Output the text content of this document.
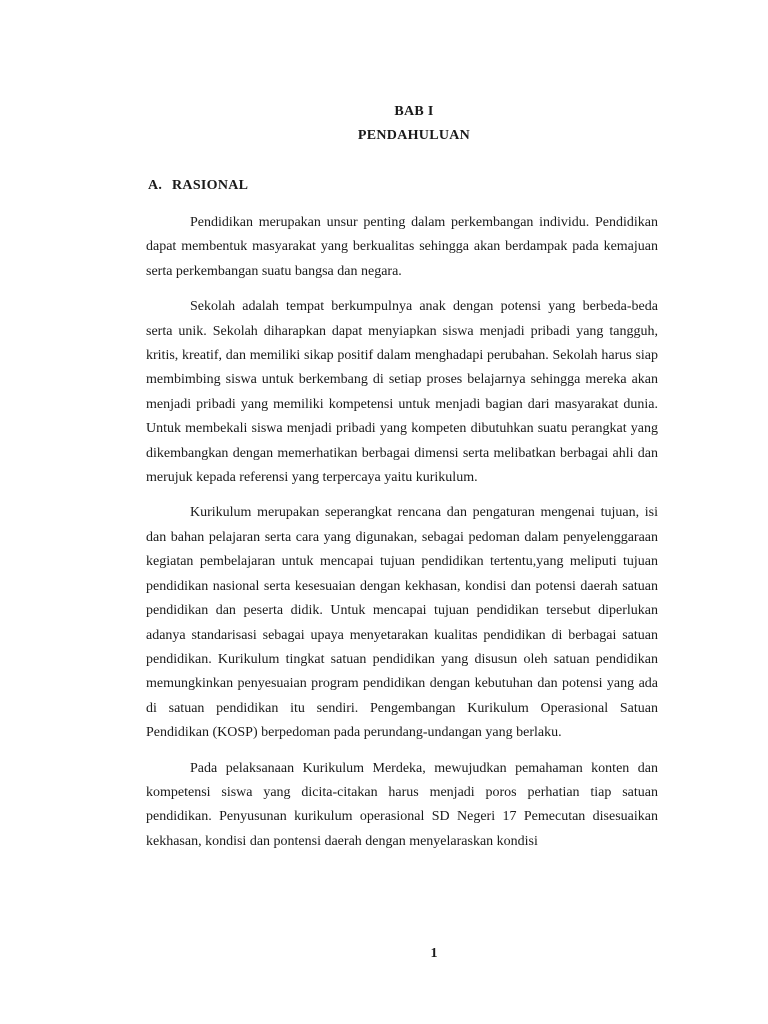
BAB I
PENDAHULUAN
A. RASIONAL

Pendidikan merupakan unsur penting dalam perkembangan individu. Pendidikan dapat membentuk masyarakat yang berkualitas sehingga akan berdampak pada kemajuan serta perkembangan suatu bangsa dan negara.

Sekolah adalah tempat berkumpulnya anak dengan potensi yang berbeda-beda serta unik. Sekolah diharapkan dapat menyiapkan siswa menjadi pribadi yang tangguh, kritis, kreatif, dan memiliki sikap positif dalam menghadapi perubahan. Sekolah harus siap membimbing siswa untuk berkembang di setiap proses belajarnya sehingga mereka akan menjadi pribadi yang memiliki kompetensi untuk menjadi bagian dari masyarakat dunia. Untuk membekali siswa menjadi pribadi yang kompeten dibutuhkan suatu perangkat yang dikembangkan dengan memerhatikan berbagai dimensi serta melibatkan berbagai ahli dan merujuk kepada referensi yang terpercaya yaitu kurikulum.

Kurikulum merupakan seperangkat rencana dan pengaturan mengenai tujuan, isi dan bahan pelajaran serta cara yang digunakan, sebagai pedoman dalam penyelenggaraan kegiatan pembelajaran untuk mencapai tujuan pendidikan tertentu,yang meliputi tujuan pendidikan nasional serta kesesuaian dengan kekhasan, kondisi dan potensi daerah satuan pendidikan dan peserta didik. Untuk mencapai tujuan pendidikan tersebut diperlukan adanya standarisasi sebagai upaya menyetarakan kualitas pendidikan di berbagai satuan pendidikan. Kurikulum tingkat satuan pendidikan yang disusun oleh satuan pendidikan memungkinkan penyesuaian program pendidikan dengan kebutuhan dan potensi yang ada di satuan pendidikan itu sendiri. Pengembangan Kurikulum Operasional Satuan Pendidikan (KOSP) berpedoman pada perundang-undangan yang berlaku.

Pada pelaksanaan Kurikulum Merdeka, mewujudkan pemahaman konten dan kompetensi siswa yang dicita-citakan harus menjadi poros perhatian tiap satuan pendidikan. Penyusunan kurikulum operasional SD Negeri 17 Pemecutan disesuaikan kekhasan, kondisi dan pontensi daerah dengan menyelaraskan kondisi

1
